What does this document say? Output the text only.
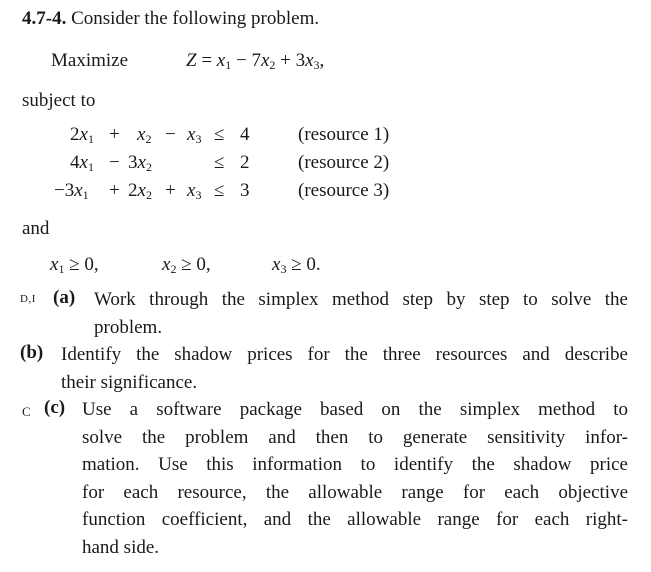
4.7-4. Consider the following problem.
Maximize	$Z = x_1 - 7x_2 + 3x_3$,
subject to
$2x_1 + x_2 - x_3 \le 4$	(resource 1)
$4x_1 - 3x_2$	≤ 2	(resource 2)
$-3x_1 + 2x_2 + x_3 \le 3$	(resource 3)
and
$x_1 \ge 0$,	$x_2 \ge 0$,	$x_3 \ge 0$.
D,I (a) Work through the simplex method step by step to solve the
problem.
(b) Identify the shadow prices for the three resources and describe
their significance.
C (c) Use a software package based on the simplex method to
solve the problem and then to generate sensitivity infor-
mation. Use this information to identify the shadow price
for each resource, the allowable range for each objective
function coefficient, and the allowable range for each right-
hand side.
